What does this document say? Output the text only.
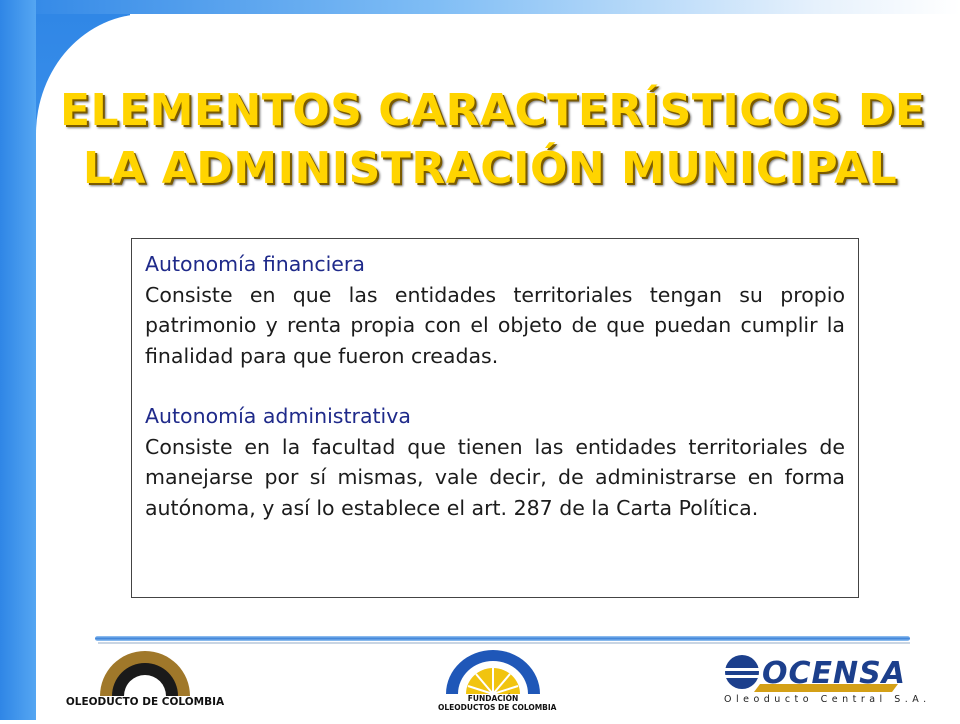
ELEMENTOS CARACTERÍSTICOS DE
LA ADMINISTRACIÓN MUNICIPAL
Autonomía financiera

Consiste en que las entidades territoriales tengan su propio patrimonio y renta propia con el objeto de que puedan cumplir la finalidad para que fueron creadas.

Autonomía administrativa

Consiste en la facultad que tienen las entidades territoriales de manejarse por sí mismas, vale decir, de administrarse en forma autónoma, y así lo establece el art. 287 de la Carta Política.

OLEODUCTO DE COLOMBIA	FUNDACIÓN
OLEODUCTOS DE COLOMBIA
OCENSA
Oleoducto Central S.A.
